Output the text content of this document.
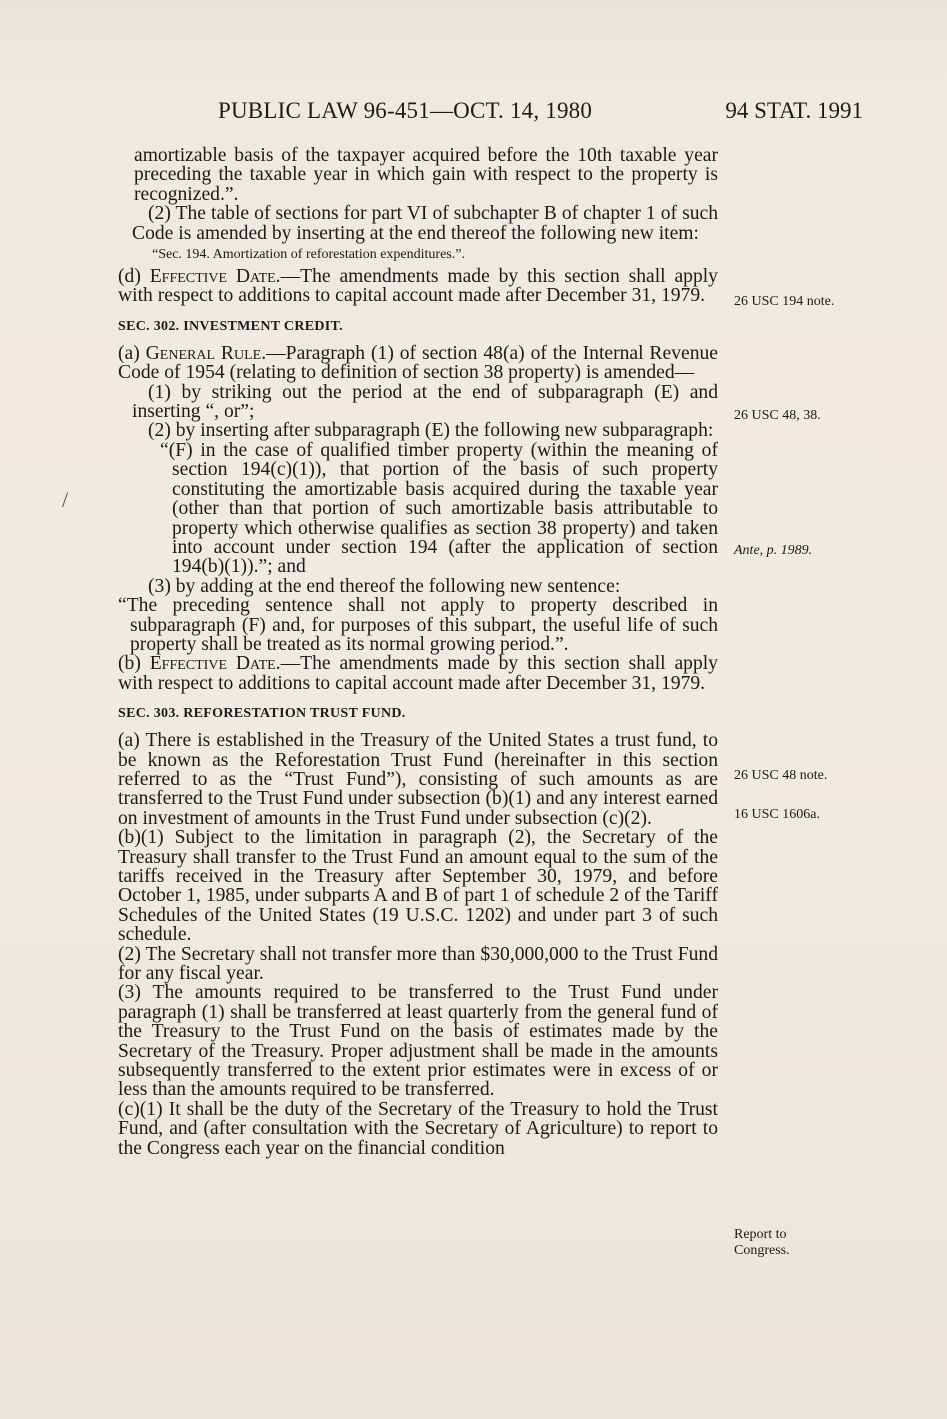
PUBLIC LAW 96-451—OCT. 14, 1980	94 STAT. 1991

amortizable basis of the taxpayer acquired before the 10th taxable year preceding the taxable year in which gain with respect to the property is recognized.”.

(2) The table of sections for part VI of subchapter B of chapter 1 of such Code is amended by inserting at the end thereof the following new item:

“Sec. 194. Amortization of reforestation expenditures.”.

(d) Effective Date.—The amendments made by this section shall apply with respect to additions to capital account made after December 31, 1979.

SEC. 302. INVESTMENT CREDIT.

(a) General Rule.—Paragraph (1) of section 48(a) of the Internal Revenue Code of 1954 (relating to definition of section 38 property) is amended—

(1) by striking out the period at the end of subparagraph (E) and inserting “, or”;

(2) by inserting after subparagraph (E) the following new subparagraph:

“(F) in the case of qualified timber property (within the meaning of section 194(c)(1)), that portion of the basis of such property constituting the amortizable basis acquired during the taxable year (other than that portion of such amortizable basis attributable to property which otherwise qualifies as section 38 property) and taken into account under section 194 (after the application of section 194(b)(1)).”; and

(3) by adding at the end thereof the following new sentence:

“The preceding sentence shall not apply to property described in subparagraph (F) and, for purposes of this subpart, the useful life of such property shall be treated as its normal growing period.”.

(b) Effective Date.—The amendments made by this section shall apply with respect to additions to capital account made after December 31, 1979.

SEC. 303. REFORESTATION TRUST FUND.

(a) There is established in the Treasury of the United States a trust fund, to be known as the Reforestation Trust Fund (hereinafter in this section referred to as the “Trust Fund”), consisting of such amounts as are transferred to the Trust Fund under subsection (b)(1) and any interest earned on investment of amounts in the Trust Fund under subsection (c)(2).

(b)(1) Subject to the limitation in paragraph (2), the Secretary of the Treasury shall transfer to the Trust Fund an amount equal to the sum of the tariffs received in the Treasury after September 30, 1979, and before October 1, 1985, under subparts A and B of part 1 of schedule 2 of the Tariff Schedules of the United States (19 U.S.C. 1202) and under part 3 of such schedule.

(2) The Secretary shall not transfer more than $30,000,000 to the Trust Fund for any fiscal year.

(3) The amounts required to be transferred to the Trust Fund under paragraph (1) shall be transferred at least quarterly from the general fund of the Treasury to the Trust Fund on the basis of estimates made by the Secretary of the Treasury. Proper adjustment shall be made in the amounts subsequently transferred to the extent prior estimates were in excess of or less than the amounts required to be transferred.

(c)(1) It shall be the duty of the Secretary of the Treasury to hold the Trust Fund, and (after consultation with the Secretary of Agriculture) to report to the Congress each year on the financial condition

26 USC 194 note.
26 USC 48, 38.
Ante, p. 1989.
26 USC 48 note.
16 USC 1606a.
Report to Congress.
/
